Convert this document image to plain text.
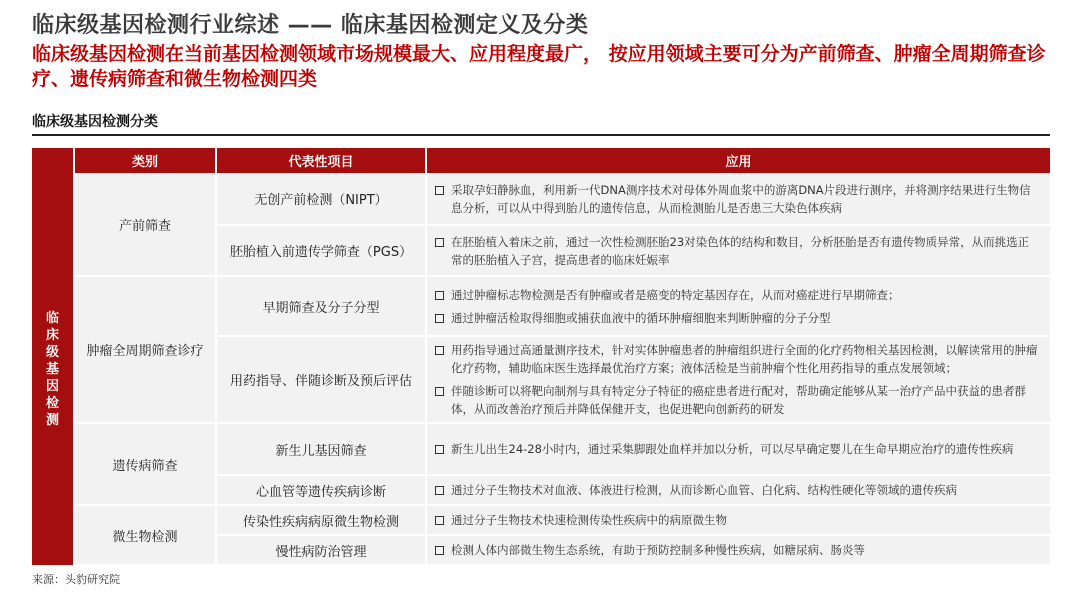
临床级基因检测行业综述 —— 临床基因检测定义及分类
临床级基因检测在当前基因检测领域市场规模最大、应用程度最广， 按应用领域主要可分为产前筛查、肿瘤全周期筛查诊疗、遗传病筛查和微生物检测四类
临床级基因检测分类
	类别	代表性项目	应用
临床级基因检测	产前筛查	无创产前检测（NIPT）	采取孕妇静脉血，利用新一代DNA测序技术对母体外周血浆中的游离DNA片段进行测序，并将测序结果进行生物信息分析，可以从中得到胎儿的遗传信息，从而检测胎儿是否患三大染色体疾病

		胚胎植入前遗传学筛查（PGS）	在胚胎植入着床之前，通过一次性检测胚胎23对染色体的结构和数目，分析胚胎是否有遗传物质异常，从而挑选正常的胚胎植入子宫，提高患者的临床妊娠率

	肿瘤全周期筛查诊疗	早期筛查及分子分型	通过肿瘤标志物检测是否有肿瘤或者是癌变的特定基因存在，从而对癌症进行早期筛查；
通过肿瘤活检取得细胞或捕获血液中的循环肿瘤细胞来判断肿瘤的分子分型

		用药指导、伴随诊断及预后评估	用药指导通过高通量测序技术，针对实体肿瘤患者的肿瘤组织进行全面的化疗药物相关基因检测，以解读常用的肿瘤化疗药物，辅助临床医生选择最优治疗方案；液体活检是当前肿瘤个性化用药指导的重点发展领域；
伴随诊断可以将靶向制剂与具有特定分子特征的癌症患者进行配对，帮助确定能够从某一治疗产品中获益的患者群体，从而改善治疗预后并降低保健开支，也促进靶向创新药的研发

	遗传病筛查	新生儿基因筛查	新生儿出生24-28小时内，通过采集脚跟处血样并加以分析，可以尽早确定婴儿在生命早期应治疗的遗传性疾病

		心血管等遗传疾病诊断	通过分子生物技术对血液、体液进行检测，从而诊断心血管、白化病、结构性硬化等领域的遗传疾病

	微生物检测	传染性疾病病原微生物检测	通过分子生物技术快速检测传染性疾病中的病原微生物

		慢性病防治管理	检测人体内部微生物生态系统，有助于预防控制多种慢性疾病，如糖尿病、肠炎等
来源：头豹研究院
